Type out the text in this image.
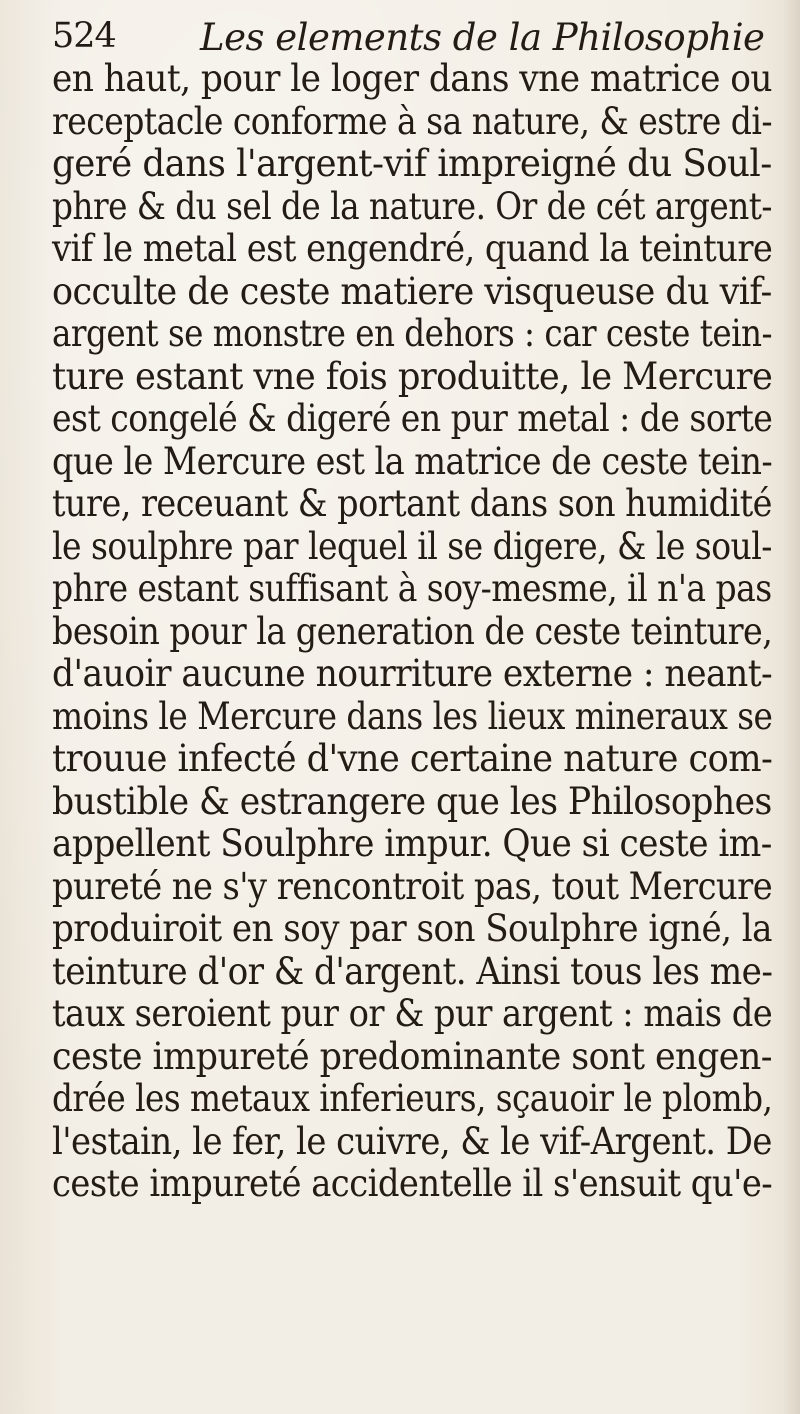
524 Les elements de la Philosophie
en haut, pour le loger dans vne matrice ou
receptacle conforme à sa nature, & estre di-
geré dans l'argent-vif impreigné du Soul-
phre & du sel de la nature. Or de cét argent-
vif le metal est engendré, quand la teinture
occulte de ceste matiere visqueuse du vif-
argent se monstre en dehors : car ceste tein-
ture estant vne fois produitte, le Mercure
est congelé & digeré en pur metal : de sorte
que le Mercure est la matrice de ceste tein-
ture, receuant & portant dans son humidité
le soulphre par lequel il se digere, & le soul-
phre estant suffisant à soy-mesme, il n'a pas
besoin pour la generation de ceste teinture,
d'auoir aucune nourriture externe : neant-
moins le Mercure dans les lieux mineraux se
trouue infecté d'vne certaine nature com-
bustible & estrangere que les Philosophes
appellent Soulphre impur. Que si ceste im-
pureté ne s'y rencontroit pas, tout Mercure
produiroit en soy par son Soulphre igné, la
teinture d'or & d'argent. Ainsi tous les me-
taux seroient pur or & pur argent : mais de
ceste impureté predominante sont engen-
drée les metaux inferieurs, sçauoir le plomb,
l'estain, le fer, le cuivre, & le vif-Argent. De
ceste impureté accidentelle il s'ensuit qu'e-
